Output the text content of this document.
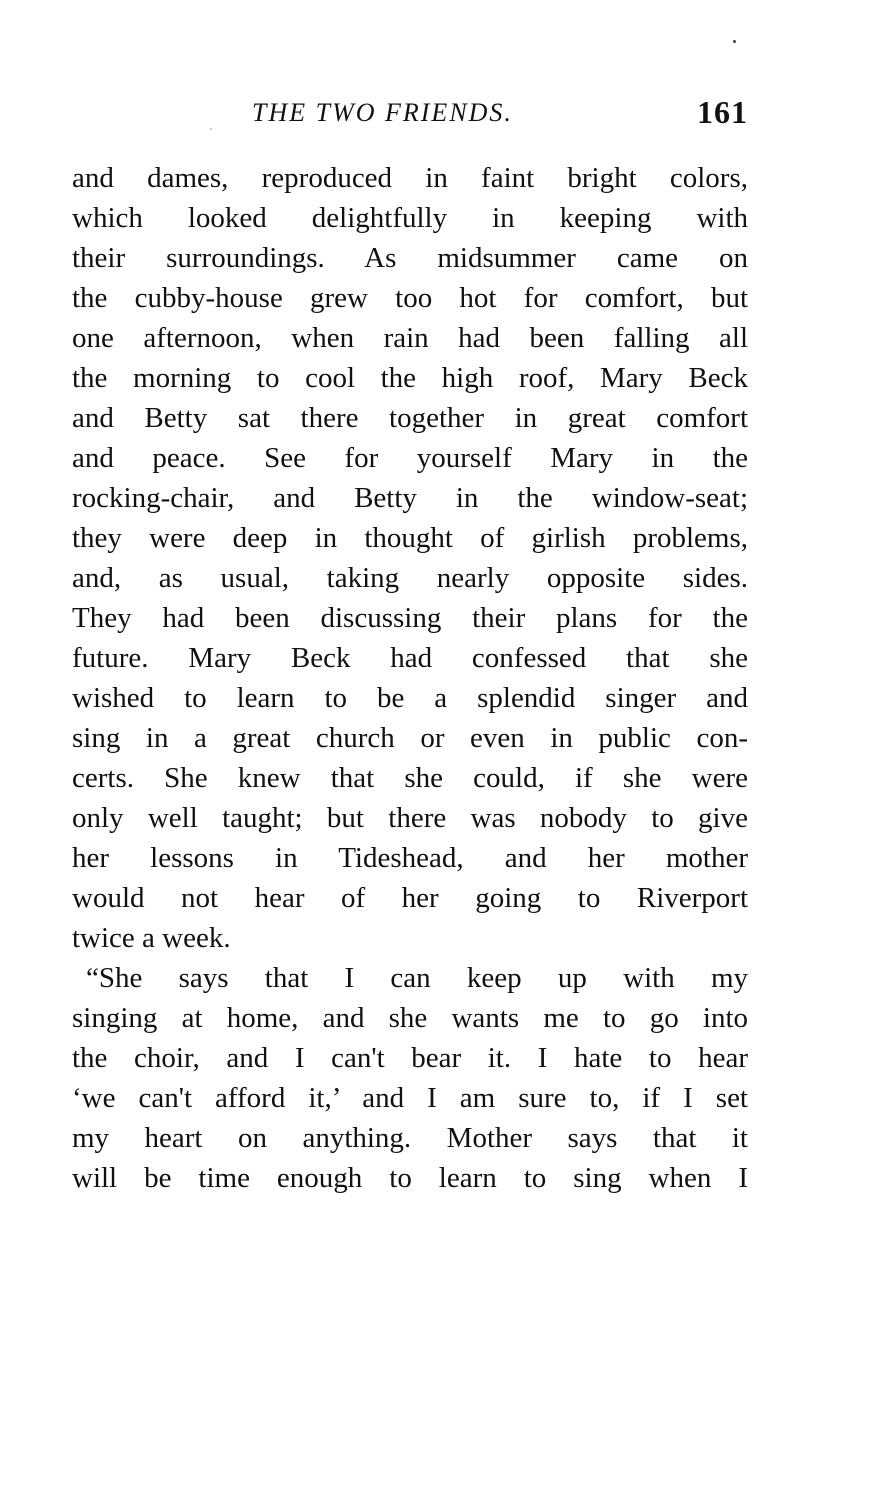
THE TWO FRIENDS.	161
and dames, reproduced in faint bright colors,
which looked delightfully in keeping with
their surroundings. As midsummer came on
the cubby-house grew too hot for comfort, but
one afternoon, when rain had been falling all
the morning to cool the high roof, Mary Beck
and Betty sat there together in great comfort
and peace. See for yourself Mary in the
rocking-chair, and Betty in the window-seat;
they were deep in thought of girlish problems,
and, as usual, taking nearly opposite sides.
They had been discussing their plans for the
future. Mary Beck had confessed that she
wished to learn to be a splendid singer and
sing in a great church or even in public con-
certs. She knew that she could, if she were
only well taught; but there was nobody to give
her lessons in Tideshead, and her mother
would not hear of her going to Riverport
twice a week.
“She says that I can keep up with my
singing at home, and she wants me to go into
the choir, and I can't bear it. I hate to hear
‘we can't afford it,’ and I am sure to, if I set
my heart on anything. Mother says that it
will be time enough to learn to sing when I
